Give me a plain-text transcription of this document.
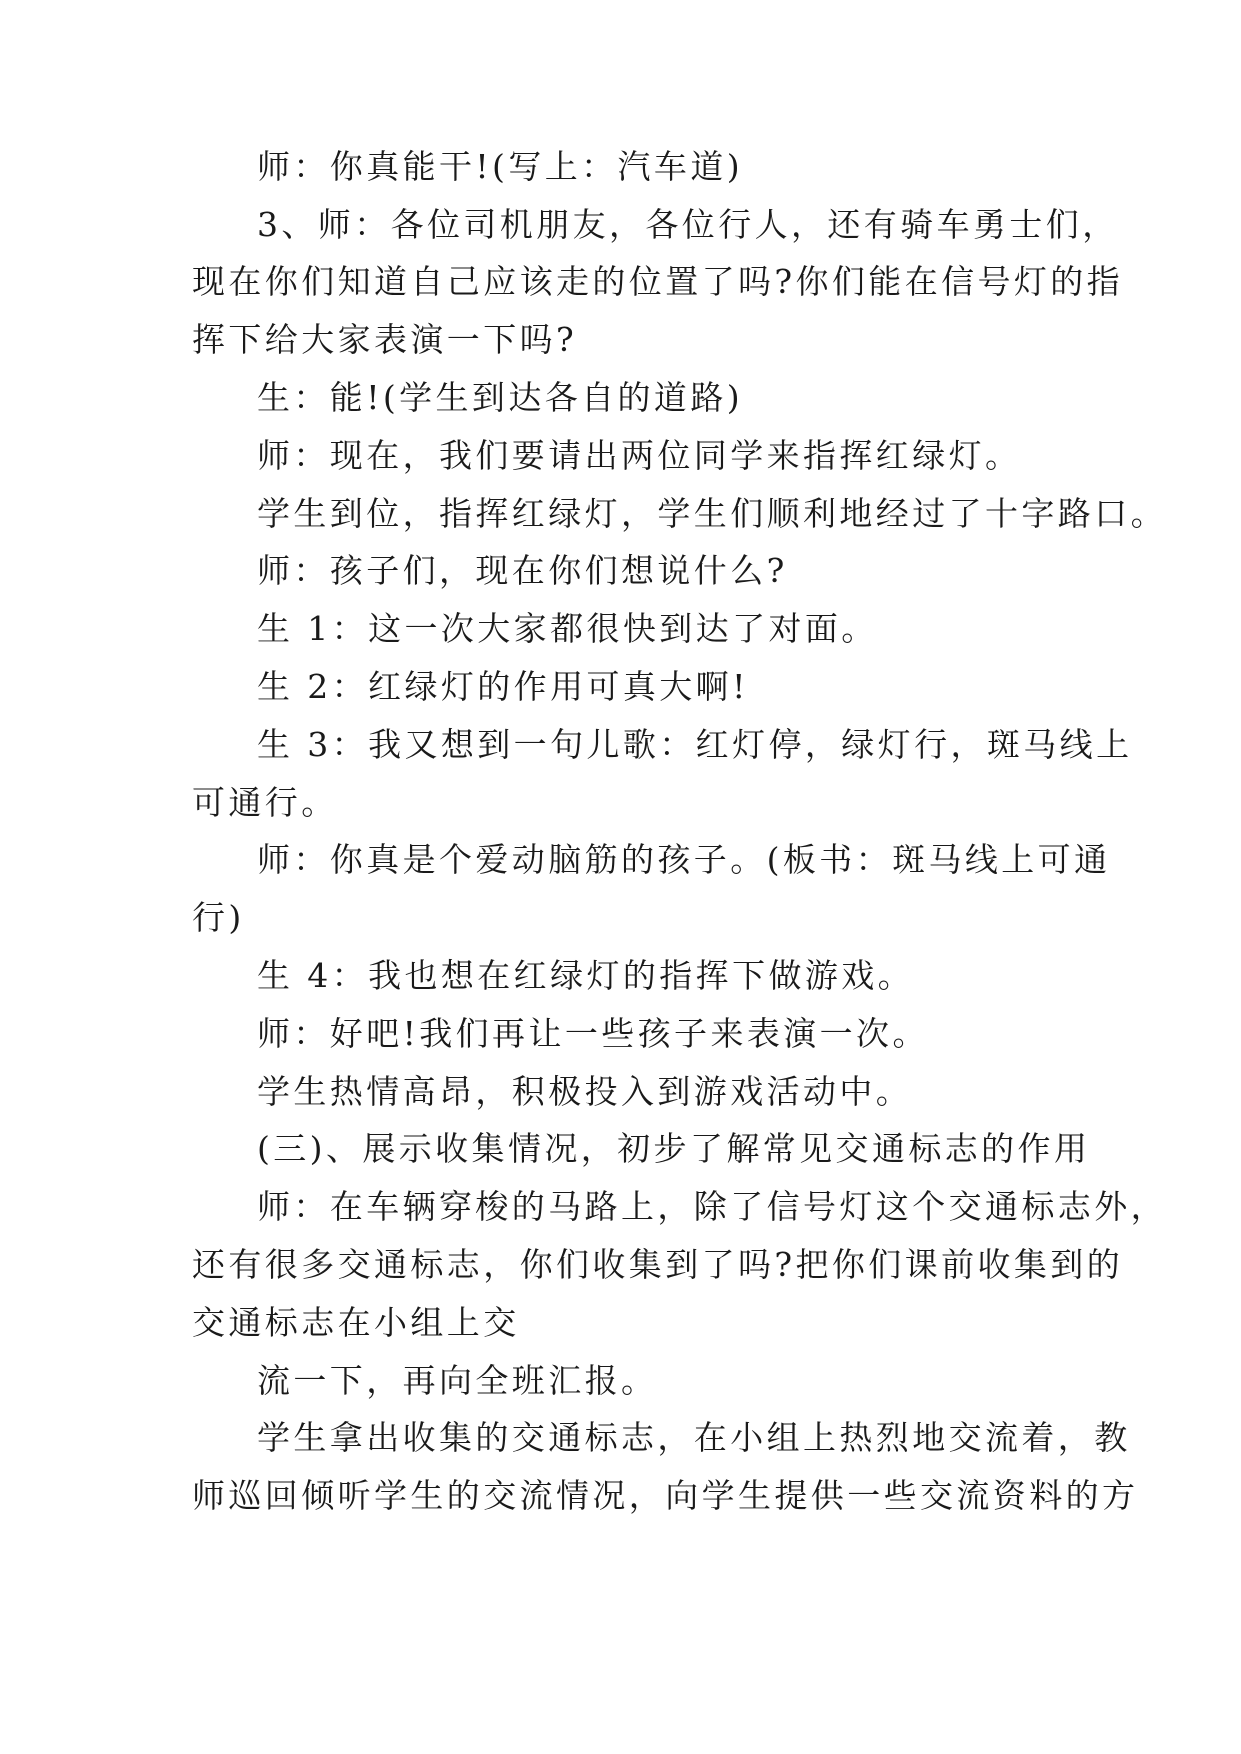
师：你真能干!(写上：汽车道)
3、师：各位司机朋友，各位行人，还有骑车勇士们，
现在你们知道自己应该走的位置了吗?你们能在信号灯的指
挥下给大家表演一下吗?
生：能!(学生到达各自的道路)
师：现在，我们要请出两位同学来指挥红绿灯。
学生到位，指挥红绿灯，学生们顺利地经过了十字路口。
师：孩子们，现在你们想说什么?
生 1：这一次大家都很快到达了对面。
生 2：红绿灯的作用可真大啊!
生 3：我又想到一句儿歌：红灯停，绿灯行，斑马线上
可通行。
师：你真是个爱动脑筋的孩子。(板书：斑马线上可通
行)
生 4：我也想在红绿灯的指挥下做游戏。
师：好吧!我们再让一些孩子来表演一次。
学生热情高昂，积极投入到游戏活动中。
(三)、展示收集情况，初步了解常见交通标志的作用
师：在车辆穿梭的马路上，除了信号灯这个交通标志外，
还有很多交通标志，你们收集到了吗?把你们课前收集到的
交通标志在小组上交
流一下，再向全班汇报。
学生拿出收集的交通标志，在小组上热烈地交流着，教
师巡回倾听学生的交流情况，向学生提供一些交流资料的方
